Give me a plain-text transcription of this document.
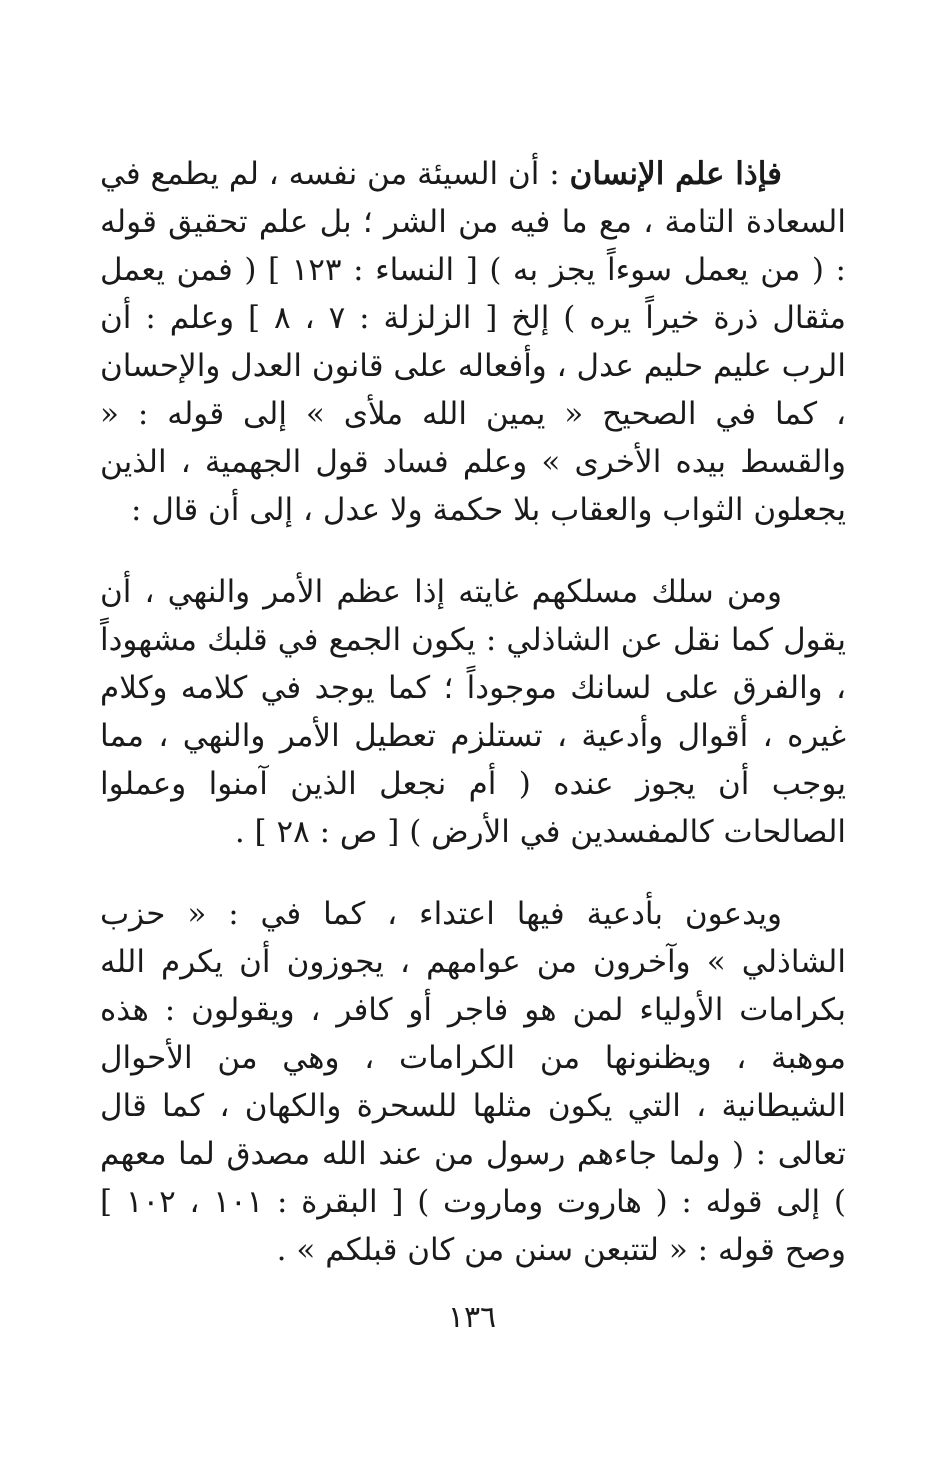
فإذا علم الإنسان : أن السيئة من نفسه ، لم يطمع في السعادة التامة ، مع ما فيه من الشر ؛ بل علم تحقيق قوله : ( من يعمل سوءاً يجز به ) [ النساء : ١٢٣ ] ( فمن يعمل مثقال ذرة خيراً يره ) إلخ [ الزلزلة : ٧ ، ٨ ] وعلم : أن الرب عليم حليم عدل ، وأفعاله على قانون العدل والإحسان ، كما في الصحيح « يمين الله ملأى » إلى قوله : « والقسط بيده الأخرى » وعلم فساد قول الجهمية ، الذين يجعلون الثواب والعقاب بلا حكمة ولا عدل ، إلى أن قال :

ومن سلك مسلكهم غايته إذا عظم الأمر والنهي ، أن يقول كما نقل عن الشاذلي : يكون الجمع في قلبك مشهوداً ، والفرق على لسانك موجوداً ؛ كما يوجد في كلامه وكلام غيره ، أقوال وأدعية ، تستلزم تعطيل الأمر والنهي ، مما يوجب أن يجوز عنده ( أم نجعل الذين آمنوا وعملوا الصالحات كالمفسدين في الأرض ) [ ص : ٢٨ ] .

ويدعون بأدعية فيها اعتداء ، كما في : « حزب الشاذلي » وآخرون من عوامهم ، يجوزون أن يكرم الله بكرامات الأولياء لمن هو فاجر أو كافر ، ويقولون : هذه موهبة ، ويظنونها من الكرامات ، وهي من الأحوال الشيطانية ، التي يكون مثلها للسحرة والكهان ، كما قال تعالى : ( ولما جاءهم رسول من عند الله مصدق لما معهم ) إلى قوله : ( هاروت وماروت ) [ البقرة : ١٠١ ، ١٠٢ ] وصح قوله : « لتتبعن سنن من كان قبلكم » .

١٣٦
